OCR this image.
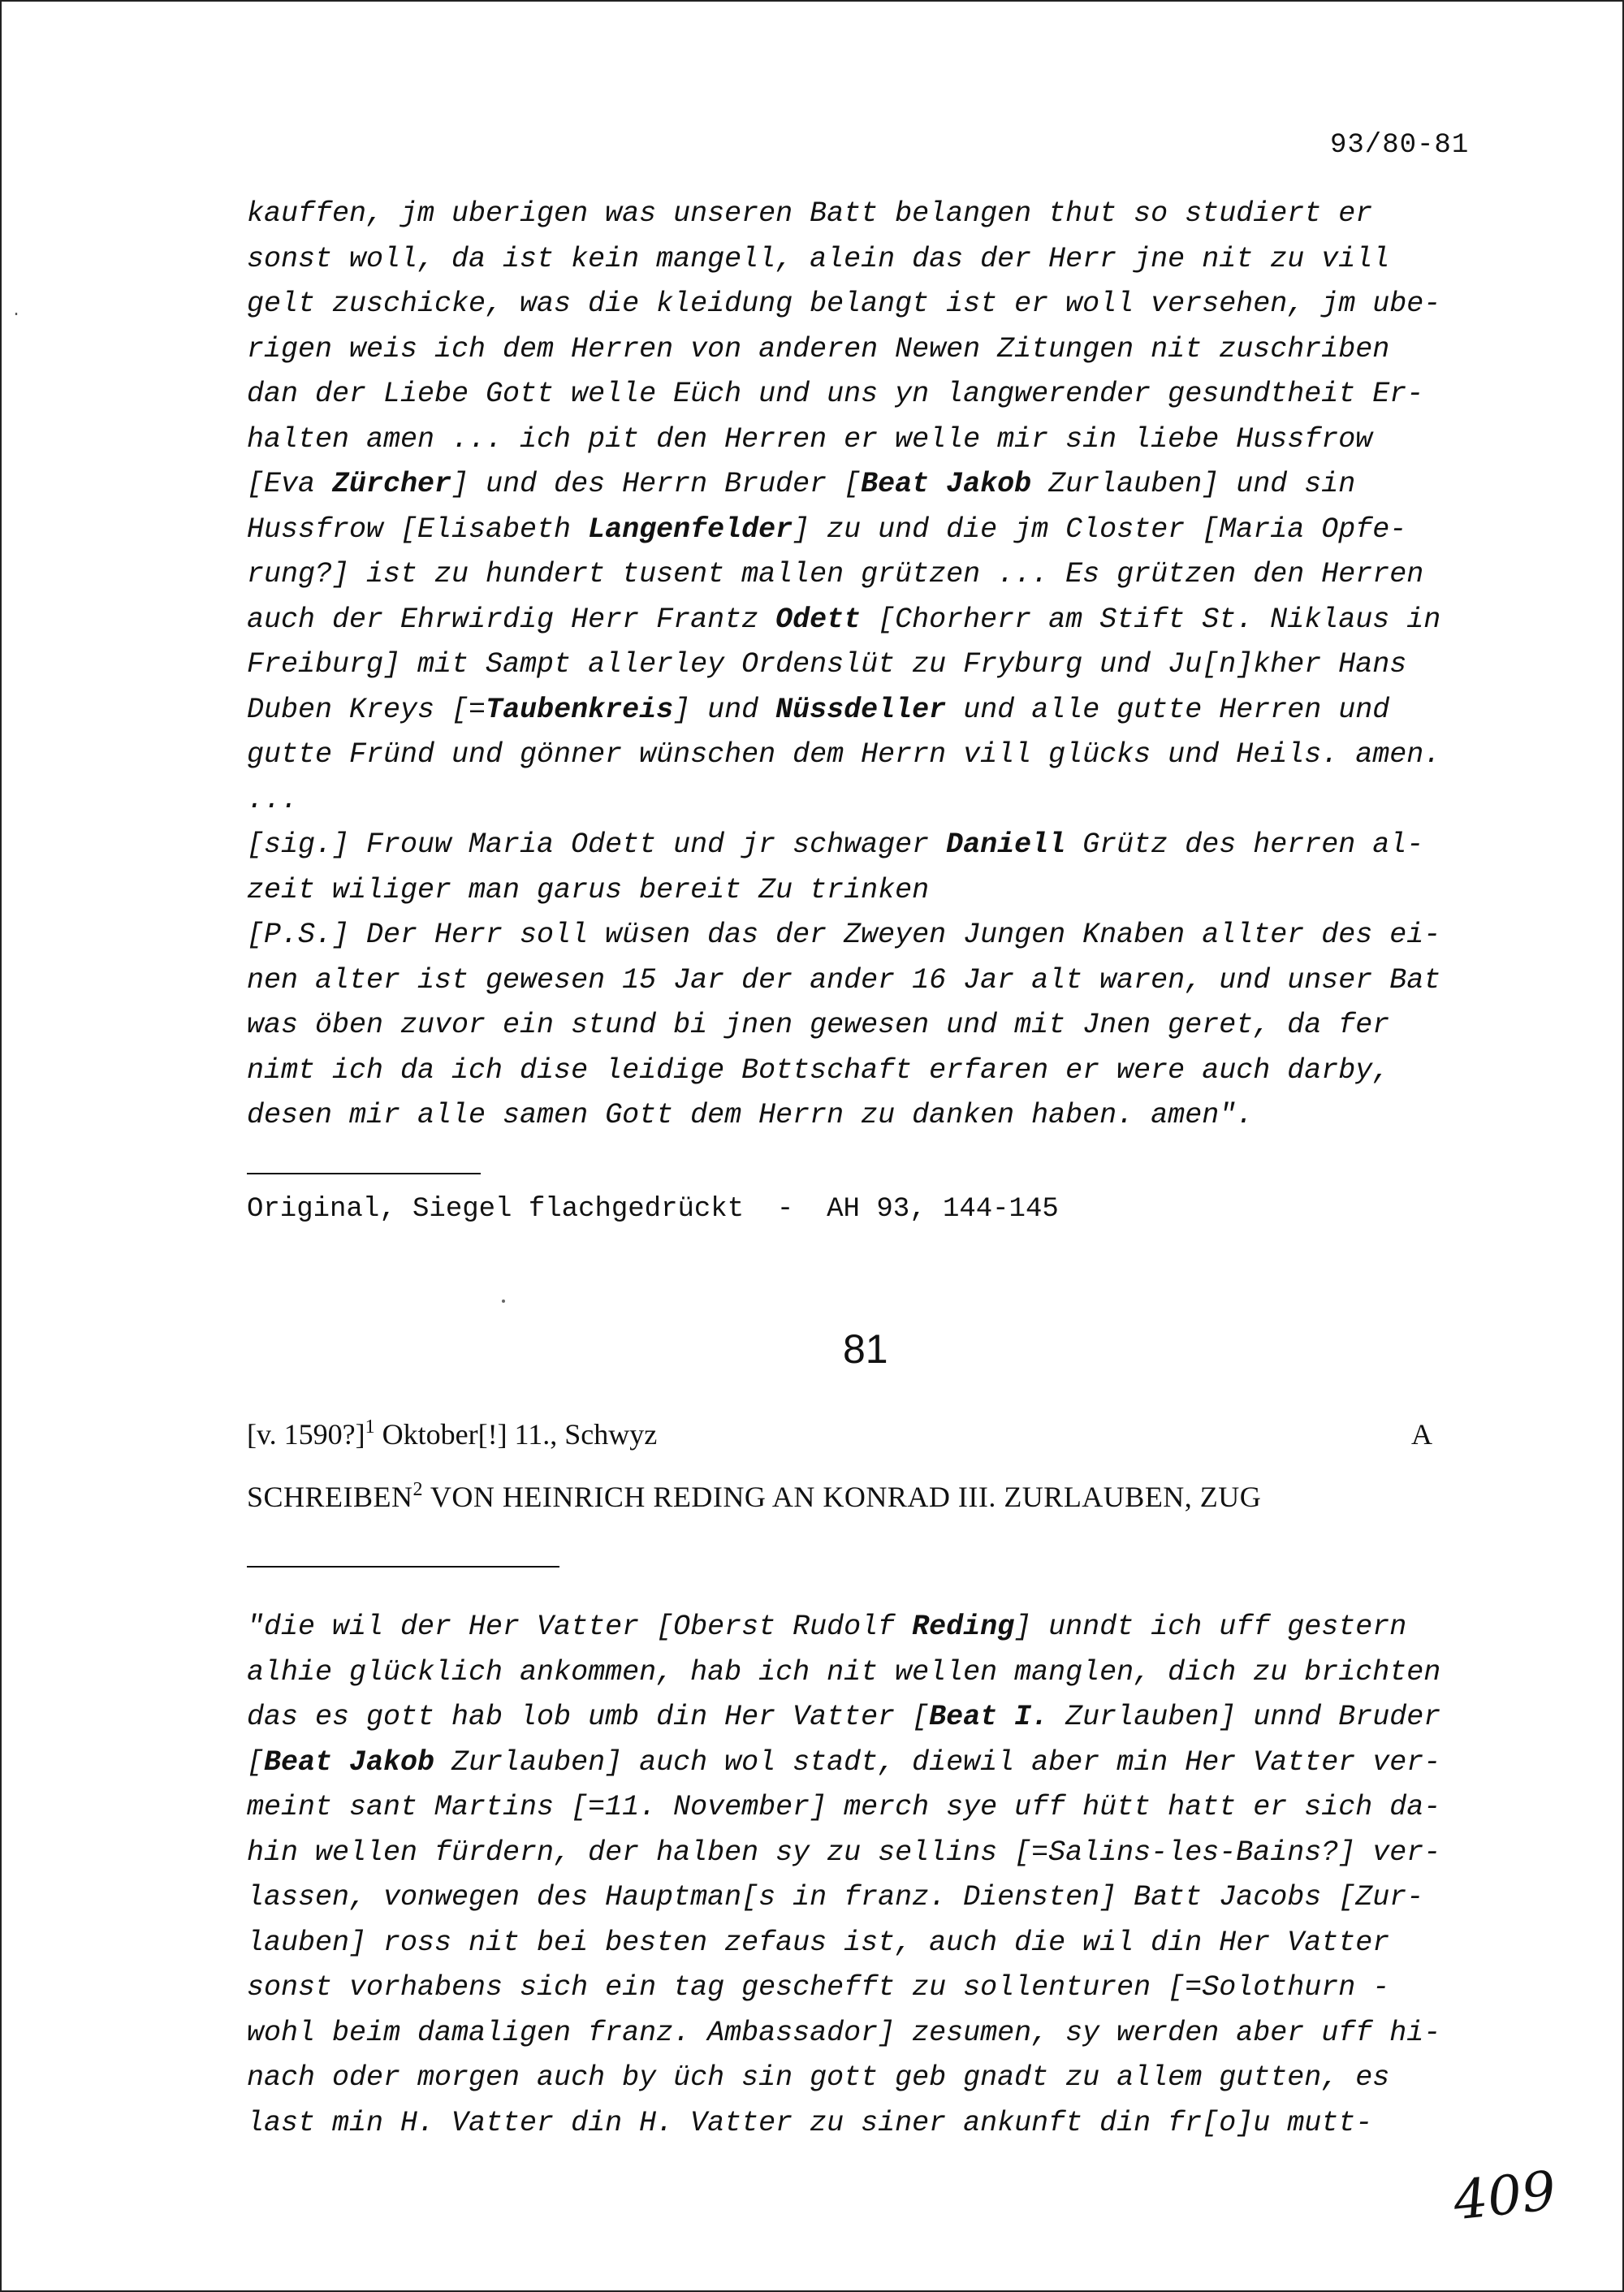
·
93/80-81
kauffen, jm uberigen was unseren Batt belangen thut so studiert er
sonst woll, da ist kein mangell, alein das der Herr jne nit zu vill
gelt zuschicke, was die kleidung belangt ist er woll versehen, jm ube-
rigen weis ich dem Herren von anderen Newen Zitungen nit zuschriben
dan der Liebe Gott welle Eüch und uns yn langwerender gesundtheit Er-
halten amen ... ich pit den Herren er welle mir sin liebe Hussfrow
[Eva Zürcher] und des Herrn Bruder [Beat Jakob Zurlauben] und sin
Hussfrow [Elisabeth Langenfelder] zu und die jm Closter [Maria Opfe-
rung?] ist zu hundert tusent mallen grützen ... Es grützen den Herren
auch der Ehrwirdig Herr Frantz Odett [Chorherr am Stift St. Niklaus in
Freiburg] mit Sampt allerley Ordenslüt zu Fryburg und Ju[n]kher Hans
Duben Kreys [=Taubenkreis] und Nüssdeller und alle gutte Herren und
gutte Fründ und gönner wünschen dem Herrn vill glücks und Heils. amen.
...
[sig.] Frouw Maria Odett und jr schwager Daniell Grütz des herren al-
zeit wiliger man garus bereit Zu trinken
[P.S.] Der Herr soll wüsen das der Zweyen Jungen Knaben allter des ei-
nen alter ist gewesen 15 Jar der ander 16 Jar alt waren, und unser Bat
was öben zuvor ein stund bi jnen gewesen und mit Jnen geret, da fer
nimt ich da ich dise leidige Bottschaft erfaren er were auch darby,
desen mir alle samen Gott dem Herrn zu danken haben. amen".
Original, Siegel flachgedrückt  -  AH 93, 144-145
81
[v. 1590?]$^1$ Oktober[!] 11., Schwyz	A
SCHREIBEN$^2$ VON HEINRICH REDING AN KONRAD III. ZURLAUBEN, ZUG
"die wil der Her Vatter [Oberst Rudolf Reding] unndt ich uff gestern
alhie glücklich ankommen, hab ich nit wellen manglen, dich zu brichten
das es gott hab lob umb din Her Vatter [Beat I. Zurlauben] unnd Bruder
[Beat Jakob Zurlauben] auch wol stadt, diewil aber min Her Vatter ver-
meint sant Martins [=11. November] merch sye uff hütt hatt er sich da-
hin wellen fürdern, der halben sy zu sellins [=Salins-les-Bains?] ver-
lassen, vonwegen des Hauptman[s in franz. Diensten] Batt Jacobs [Zur-
lauben] ross nit bei besten zefaus ist, auch die wil din Her Vatter
sonst vorhabens sich ein tag geschefft zu sollenturen [=Solothurn -
wohl beim damaligen franz. Ambassador] zesumen, sy werden aber uff hi-
nach oder morgen auch by üch sin gott geb gnadt zu allem gutten, es
last min H. Vatter din H. Vatter zu siner ankunft din fr[o]u mutt-
409
